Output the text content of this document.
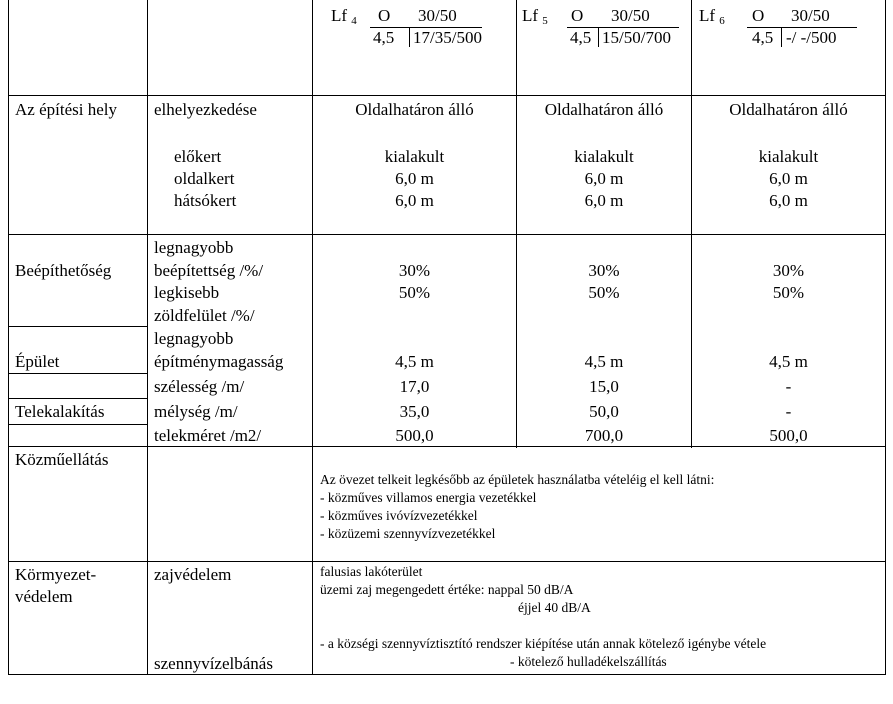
Lf $_4$ O 30/50
4,5 17/35/500
Lf $_5$ O 30/50
4,5 15/50/700
Lf $_6$ O 30/50
4,5 -/ -/500
Az építési hely elhelyezkedése
előkert
oldalkert
hátsókert
Oldalhatáron álló
kialakult
6,0 m
6,0 m
30%
50%
4,5 m
17,0
35,0
500,0
Oldalhatáron álló
kialakult
6,0 m
6,0 m
30%
50%
4,5 m
15,0
50,0
700,0
Oldalhatáron álló
kialakult
6,0 m
6,0 m
30%
50%
4,5 m
-
-
500,0
Beépíthetőség
legnagyobb
beépítettség /%/
legkisebb
zöldfelület /%/
Épület
legnagyobb
építménymagasság
Telekalakítás
szélesség /m/
mélység /m/
telekméret /m2/
Közműellátás
Az övezet telkeit legkésőbb az épületek használatba vételéig el kell látni:
- közműves villamos energia vezetékkel
- közműves ivóvízvezetékkel
- közüzemi szennyvízvezetékkel
Körmyezet-
védelem
zajvédelem
szennyvízelbánás
falusias lakóterület
üzemi zaj megengedett értéke: nappal 50 dB/A
éjjel 40 dB/A
- a községi szennyvíztisztító rendszer kiépítése után annak kötelező igénybe vétele
- kötelező hulladékelszállítás
